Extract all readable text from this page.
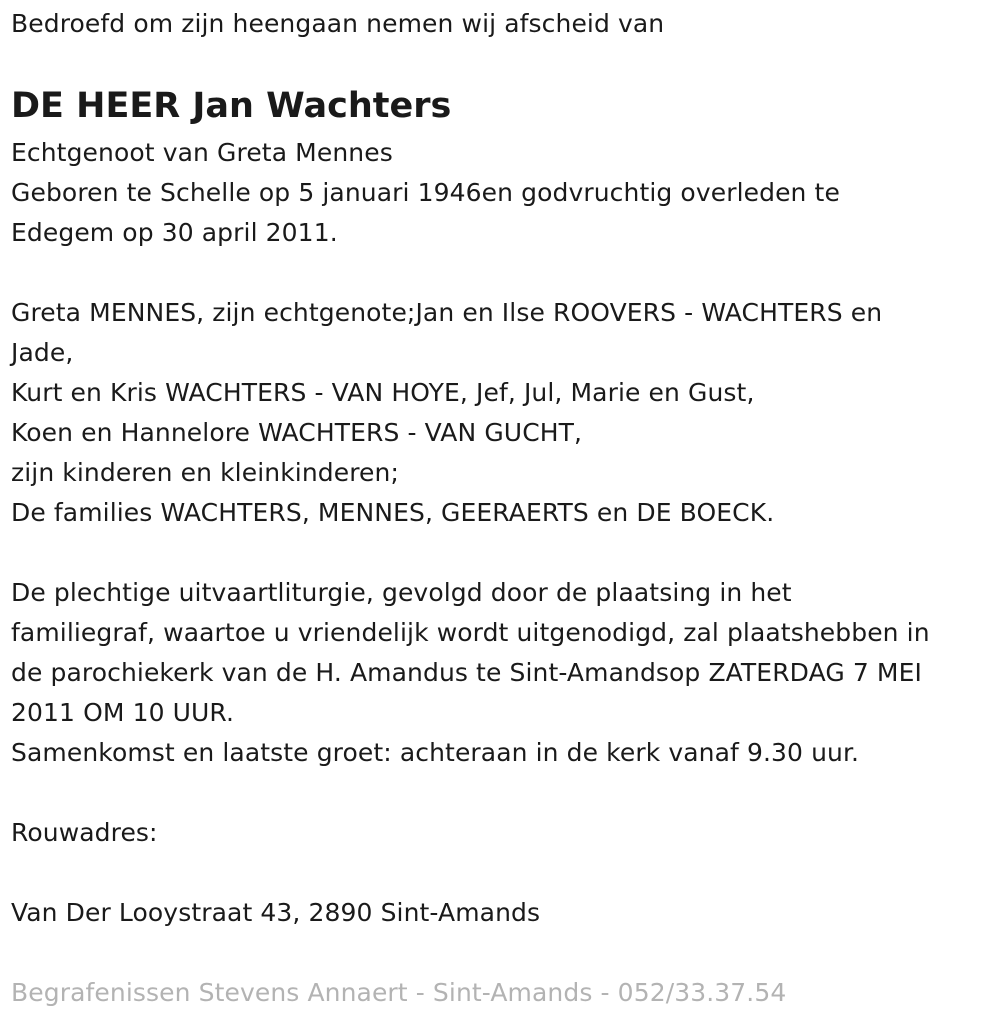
Bedroefd om zijn heengaan nemen wij afscheid van
DE HEER Jan Wachters
Echtgenoot van Greta Mennes
Geboren te Schelle op 5 januari 1946en godvruchtig overleden te
Edegem op 30 april 2011.
Greta MENNES, zijn echtgenote;Jan en Ilse ROOVERS - WACHTERS en
Jade,
Kurt en Kris WACHTERS - VAN HOYE, Jef, Jul, Marie en Gust,
Koen en Hannelore WACHTERS - VAN GUCHT,
zijn kinderen en kleinkinderen;
De families WACHTERS, MENNES, GEERAERTS en DE BOECK.
De plechtige uitvaartliturgie, gevolgd door de plaatsing in het
familiegraf, waartoe u vriendelijk wordt uitgenodigd, zal plaatshebben in
de parochiekerk van de H. Amandus te Sint-Amandsop ZATERDAG 7 MEI
2011 OM 10 UUR.
Samenkomst en laatste groet: achteraan in de kerk vanaf 9.30 uur.
Rouwadres:
Van Der Looystraat 43, 2890 Sint-Amands
Begrafenissen Stevens Annaert - Sint-Amands - 052/33.37.54
